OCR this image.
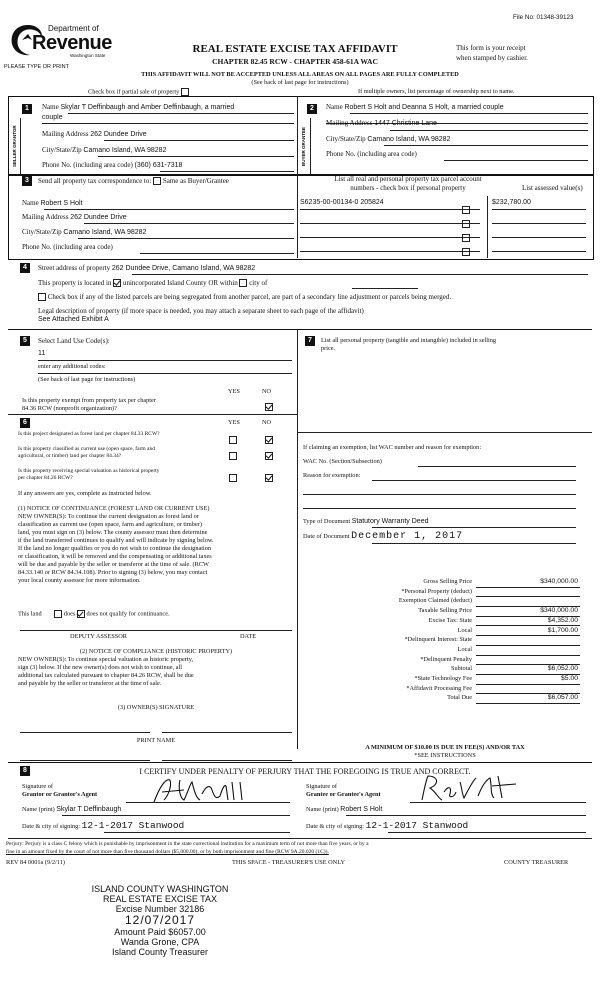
File No: 01348-39123
Department of
Revenue
Washington State
PLEASE TYPE OR PRINT
REAL ESTATE EXCISE TAX AFFIDAVIT
CHAPTER 82.45 RCW - CHAPTER 458-61A WAC
This form is your receipt
when stamped by cashier.
THIS AFFIDAVIT WILL NOT BE ACCEPTED UNLESS ALL AREAS ON ALL PAGES ARE FULLY COMPLETED
(See back of last page for instructions)
Check box if partial sale of property	If multiple owners, list percentage of ownership next to name.
1
SELLER GRANTOR
Name Skylar T Deffinbaugh and Amber Deffinbaugh, a married
couple
Mailing Address 262 Dundee Drive
City/State/Zip Camano Island, WA 98282
Phone No. (including area code) (360) 631-7318
2
BUYER GRANTEE
Name Robert S Holt and Deanna S Holt, a married couple
Mailing Address 1447 Christine Lane
City/State/Zip Camano Island, WA 98282
Phone No. (including area code)
3	Send all property tax correspondence to: Same as Buyer/Grantee
Name Robert S Holt
Mailing Address 262 Dundee Drive
City/State/Zip Camano Island, WA 98282
Phone No. (including area code)
List all real and personal property tax parcel account
numbers - check box if personal property	List assessed value(s)
S6235-00-00134-0 205824	$232,780.00
4	Street address of property 262 Dundee Drive, Camano Island, WA 98282
This property is located in unincorporated Island County OR within city of
Check box if any of the listed parcels are being segregated from another parcel, are part of a secondary line adjustment or parcels being merged.
Legal description of property (if more space is needed, you may attach a separate sheet to each page of the affidavit)
See Attached Exhibit A
5	Select Land Use Code(s):
11
enter any additional codes:
(See back of last page for instructions)
YES	NO
Is this property exempt from property tax per chapter
84.36 RCW (nonprofit organization)?
6	YES	NO
Is this project designated as forest land per chapter 84.33 RCW?
Is this property classified as current use (open space, farm and
agricultural, or timber) land per chapter 84.34?
Is this property receiving special valuation as historical property
per chapter 84.26 RCW?
If any answers are yes, complete as instructed below.
(1) NOTICE OF CONTINUANCE (FOREST LAND OR CURRENT USE)
NEW OWNER(S): To continue the current designation as forest land or
classification as current use (open space, farm and agriculture, or timber)
land, you must sign on (3) below. The county assessor must then determine
if the land transferred continues to qualify and will indicate by signing below.
If the land no longer qualifies or you do not wish to continue the designation
or classification, it will be removed and the compensating or additional taxes
will be due and payable by the seller or transferor at the time of sale. (RCW
84.33.140 or RCW 84.34.108). Prior to signing (3) below, you may contact
your local county assessor for more information.
This land	does does not qualify for continuance.
DEPUTY ASSESSOR	DATE
(2) NOTICE OF COMPLIANCE (HISTORIC PROPERTY)
NEW OWNER(S): To continue special valuation as historic property,
sign (3) below. If the new owner(s) does not wish to continue, all
additional tax calculated pursuant to chapter 84.26 RCW, shall be due
and payable by the seller or transferor at the time of sale.
(3) OWNER(S) SIGNATURE
PRINT NAME
7	List all personal property (tangible and intangible) included in selling
price.
If claiming an exemption, list WAC number and reason for exemption:
WAC No. (Section/Subsection)
Reason for exemption:
Type of Document Statutory Warranty Deed
Date of Document December 1, 2017
Gross Selling Price	$340,000.00
*Personal Property (deduct)
Exemption Claimed (deduct)
Taxable Selling Price	$340,000.00
Excise Tax: State	$4,352.00
Local	$1,700.00
*Delinquent Interest: State
Local
*Delinquent Penalty
Subtotal	$6,052.00
*State Technology Fee	$5.00
*Affidavit Processing Fee
Total Due	$6,057.00
A MINIMUM OF $10.00 IS DUE IN FEE(S) AND/OR TAX
*SEE INSTRUCTIONS
8	I CERTIFY UNDER PENALTY OF PERJURY THAT THE FOREGOING IS TRUE AND CORRECT.
Signature of
Grantor or Grantor's Agent
Name (print) Skylar T Deffinbaugh
Date & city of signing: 12-1-2017 Stanwood
Signature of
Grantee or Grantee's Agent
Name (print) Robert S Holt
Date & city of signing: 12-1-2017 Stanwood
Perjury: Perjury is a class C felony which is punishable by imprisonment in the state correctional institution for a maximum term of not more than five years, or by a
fine in an amount fixed by the court of not more than five thousand dollars ($5,000.00), or by both imprisonment and fine (RCW 9A.20.020 (1C)).
REV 84 0001a (9/2/11)	THIS SPACE - TREASURER'S USE ONLY	COUNTY TREASURER
ISLAND COUNTY WASHINGTON
REAL ESTATE EXCISE TAX
Excise Number 32186
12/07/2017
Amount Paid $6057.00
Wanda Grone, CPA
Island County Treasurer
